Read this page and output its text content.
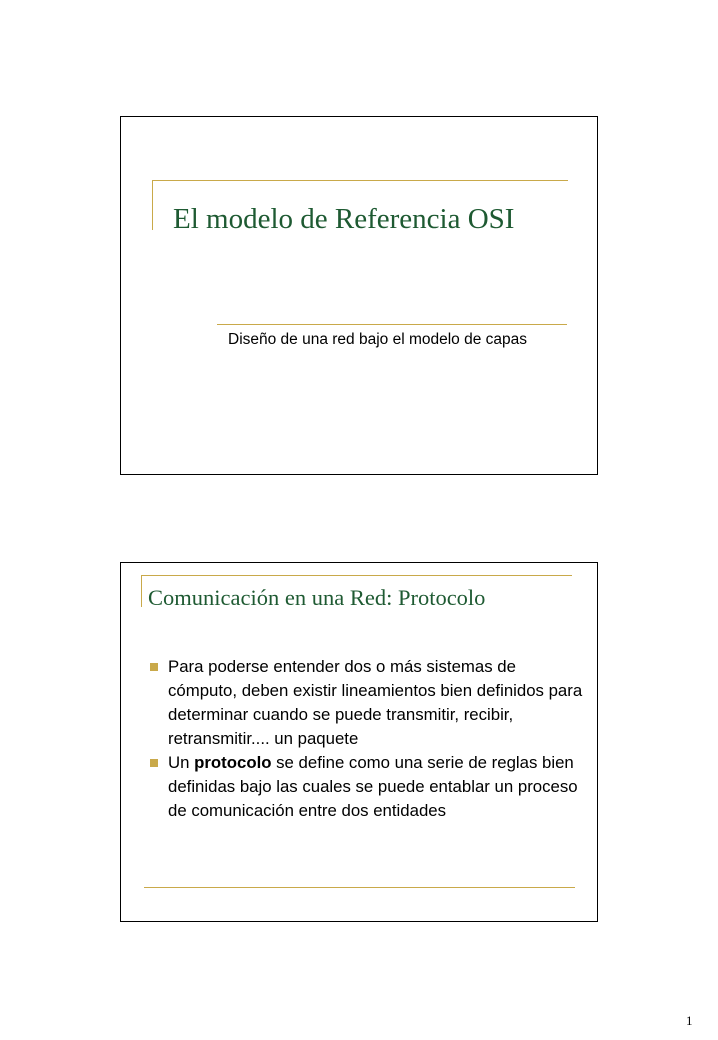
El modelo de Referencia OSI
Diseño de una red bajo el modelo de capas
Comunicación en una Red: Protocolo
Para poderse entender dos o más sistemas de cómputo, deben existir lineamientos bien definidos para determinar cuando se puede transmitir, recibir, retransmitir.... un paquete
Un protocolo se define como una serie de reglas bien definidas bajo las cuales se puede entablar un proceso de comunicación entre dos entidades
1
